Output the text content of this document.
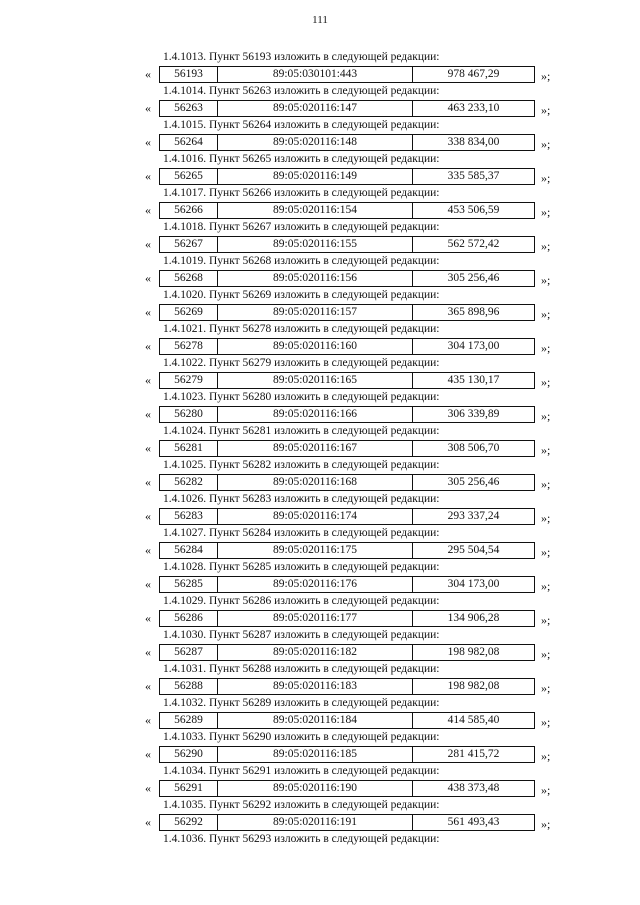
111
1.4.1013. Пункт 56193 изложить в следующей редакции:
«	56193	89:05:030101:443	978 467,29	»;
1.4.1014. Пункт 56263 изложить в следующей редакции:
«	56263	89:05:020116:147	463 233,10	»;
1.4.1015. Пункт 56264 изложить в следующей редакции:
«	56264	89:05:020116:148	338 834,00	»;
1.4.1016. Пункт 56265 изложить в следующей редакции:
«	56265	89:05:020116:149	335 585,37	»;
1.4.1017. Пункт 56266 изложить в следующей редакции:
«	56266	89:05:020116:154	453 506,59	»;
1.4.1018. Пункт 56267 изложить в следующей редакции:
«	56267	89:05:020116:155	562 572,42	»;
1.4.1019. Пункт 56268 изложить в следующей редакции:
«	56268	89:05:020116:156	305 256,46	»;
1.4.1020. Пункт 56269 изложить в следующей редакции:
«	56269	89:05:020116:157	365 898,96	»;
1.4.1021. Пункт 56278 изложить в следующей редакции:
«	56278	89:05:020116:160	304 173,00	»;
1.4.1022. Пункт 56279 изложить в следующей редакции:
«	56279	89:05:020116:165	435 130,17	»;
1.4.1023. Пункт 56280 изложить в следующей редакции:
«	56280	89:05:020116:166	306 339,89	»;
1.4.1024. Пункт 56281 изложить в следующей редакции:
«	56281	89:05:020116:167	308 506,70	»;
1.4.1025. Пункт 56282 изложить в следующей редакции:
«	56282	89:05:020116:168	305 256,46	»;
1.4.1026. Пункт 56283 изложить в следующей редакции:
«	56283	89:05:020116:174	293 337,24	»;
1.4.1027. Пункт 56284 изложить в следующей редакции:
«	56284	89:05:020116:175	295 504,54	»;
1.4.1028. Пункт 56285 изложить в следующей редакции:
«	56285	89:05:020116:176	304 173,00	»;
1.4.1029. Пункт 56286 изложить в следующей редакции:
«	56286	89:05:020116:177	134 906,28	»;
1.4.1030. Пункт 56287 изложить в следующей редакции:
«	56287	89:05:020116:182	198 982,08	»;
1.4.1031. Пункт 56288 изложить в следующей редакции:
«	56288	89:05:020116:183	198 982,08	»;
1.4.1032. Пункт 56289 изложить в следующей редакции:
«	56289	89:05:020116:184	414 585,40	»;
1.4.1033. Пункт 56290 изложить в следующей редакции:
«	56290	89:05:020116:185	281 415,72	»;
1.4.1034. Пункт 56291 изложить в следующей редакции:
«	56291	89:05:020116:190	438 373,48	»;
1.4.1035. Пункт 56292 изложить в следующей редакции:
«	56292	89:05:020116:191	561 493,43	»;
1.4.1036. Пункт 56293 изложить в следующей редакции:
